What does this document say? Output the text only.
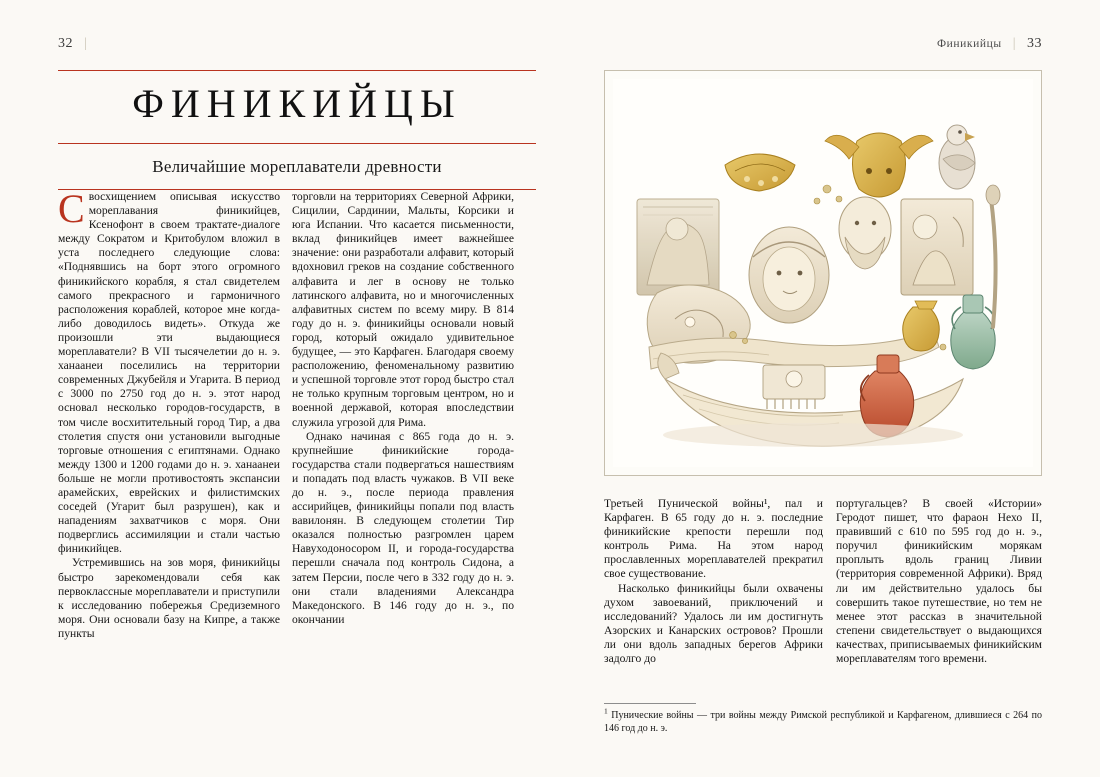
32 |	Финикийцы | 33
ФИНИКИЙЦЫ
Величайшие мореплаватели древности

Свосхищением описывая искусство мореплавания финикийцев, Ксенофонт в своем трактате-диалоге между Сократом и Критобулом вложил в уста последнего следующие слова: «Поднявшись на борт этого огромного финикийского корабля, я стал свидетелем самого прекрасного и гармоничного расположения кораблей, которое мне когда-либо доводилось видеть». Откуда же произошли эти выдающиеся мореплаватели? В VII тысячелетии до н. э. ханаанеи поселились на территории современных Джубейля и Угарита. В период с 3000 по 2750 год до н. э. этот народ основал несколько городов-государств, в том числе восхитительный город Тир, а два столетия спустя они установили выгодные торговые отношения с египтянами. Однако между 1300 и 1200 годами до н. э. ханаанеи больше не могли противостоять экспансии арамейских, еврейских и филистимских соседей (Угарит был разрушен), как и нападениям захватчиков с моря. Они подверглись ассимиляции и стали частью финикийцев.

Устремившись на зов моря, финикийцы быстро зарекомендовали себя как первоклассные мореплаватели и приступили к исследованию побережья Средиземного моря. Они основали базу на Кипре, а также пункты

торговли на территориях Северной Африки, Сицилии, Сардинии, Мальты, Корсики и юга Испании. Что касается письменности, вклад финикийцев имеет важнейшее значение: они разработали алфавит, который вдохновил греков на создание собственного алфавита и лег в основу не только латинского алфавита, но и многочисленных алфавитных систем по всему миру. В 814 году до н. э. финикийцы основали новый город, который ожидало удивительное будущее, — это Карфаген. Благодаря своему расположению, феноменальному развитию и успешной торговле этот город быстро стал не только крупным торговым центром, но и военной державой, которая впоследствии служила угрозой для Рима.

Однако начиная с 865 года до н. э. крупнейшие финикийские города-государства стали подвергаться нашествиям и попадать под власть чужаков. В VII веке до н. э., после периода правления ассирийцев, финикийцы попали под власть вавилонян. В следующем столетии Тир оказался полностью разгромлен царем Навуходоносором II, и города-государства перешли сначала под контроль Сидона, а затем Персии, после чего в 332 году до н. э. они стали владениями Александра Македонского. В 146 году до н. э., по окончании

Третьей Пунической войны¹, пал и Карфаген. В 65 году до н. э. последние финикийские крепости перешли под контроль Рима. На этом народ прославленных мореплавателей прекратил свое существование.

Насколько финикийцы были охвачены духом завоеваний, приключений и исследований? Удалось ли им достигнуть Азорских и Канарских островов? Прошли ли они вдоль западных берегов Африки задолго до

португальцев? В своей «Истории» Геродот пишет, что фараон Нехо II, правивший с 610 по 595 год до н. э., поручил финикийским морякам проплыть вдоль границ Ливии (территория современной Африки). Вряд ли им действительно удалось бы совершить такое путешествие, но тем не менее этот рассказ в значительной степени свидетельствует о выдающихся качествах, приписываемых финикийским мореплавателям того времени.

$^1$ Пунические войны — три войны между Римской республикой и Карфагеном, длившиеся с 264 по 146 год до н. э.
